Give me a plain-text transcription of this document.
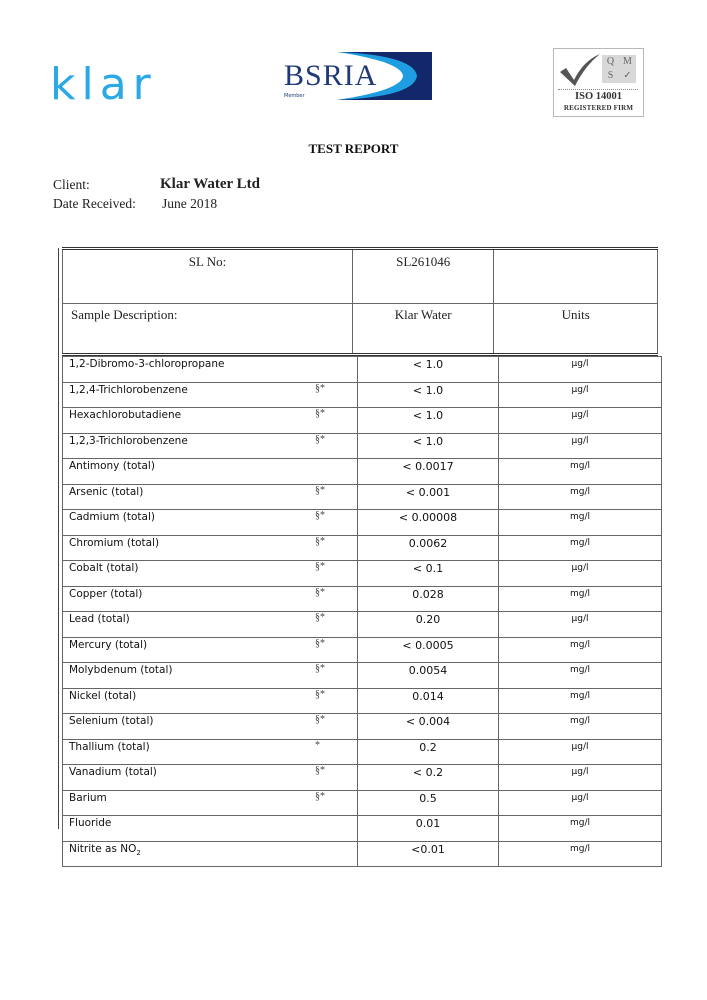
klar	BSRIA
Member
Q M
S	✓
ISO 14001
REGISTERED FIRM
TEST REPORT
Client:	Klar Water Ltd
Date Received: June 2018
SL No:	SL261046	
Sample Description:	Klar Water	Units
1,2-Dibromo-3-chloropropane	< 1.0	µg/l
1,2,4-Trichlorobenzene §*	< 1.0	µg/l
Hexachlorobutadiene §*	< 1.0	µg/l
1,2,3-Trichlorobenzene §*	< 1.0	µg/l
Antimony (total)	< 0.0017	mg/l
Arsenic (total) §*	< 0.001	mg/l
Cadmium (total) §*	< 0.00008	mg/l
Chromium (total) §*	0.0062	mg/l
Cobalt (total) §*	< 0.1	µg/l
Copper (total) §*	0.028	mg/l
Lead (total) §*	0.20	µg/l
Mercury (total) §*	< 0.0005	mg/l
Molybdenum (total) §*	0.0054	mg/l
Nickel (total) §*	0.014	mg/l
Selenium (total) §*	< 0.004	mg/l
Thallium (total) *	0.2	µg/l
Vanadium (total) §*	< 0.2	µg/l
Barium §*	0.5	µg/l
Fluoride	0.01	mg/l
Nitrite as $NO_2$	<0.01	mg/l
